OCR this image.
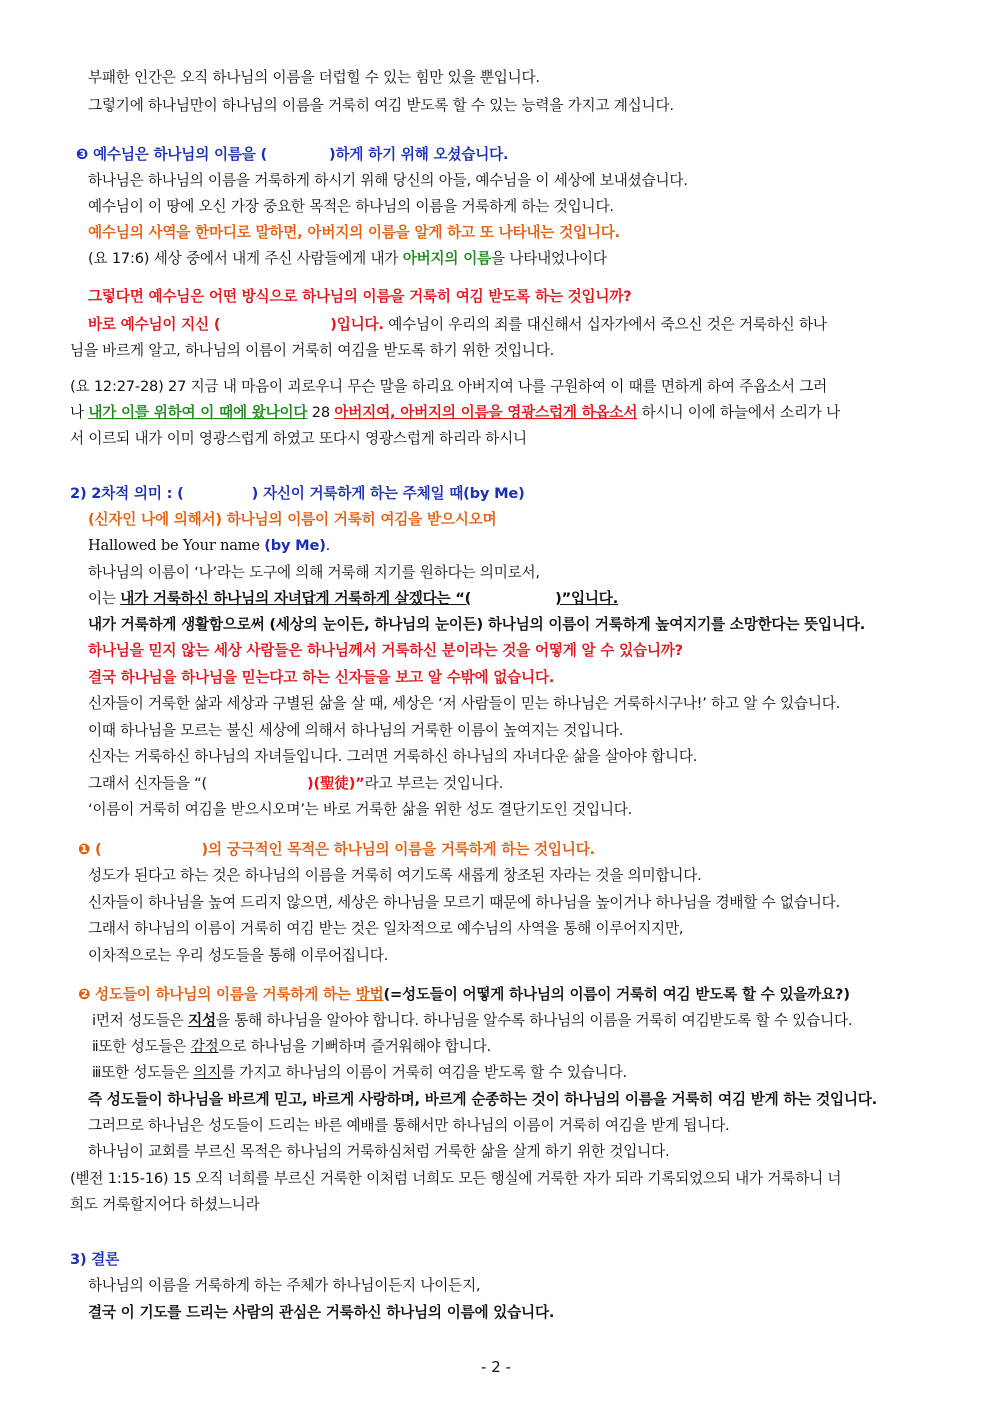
부패한 인간은 오직 하나님의 이름을 더럽힐 수 있는 힘만 있을 뿐입니다.
그렇기에 하나님만이 하나님의 이름을 거룩히 여김 받도록 할 수 있는 능력을 가지고 계십니다.
❸ 예수님은 하나님의 이름을 (	)하게 하기 위해 오셨습니다.
하나님은 하나님의 이름을 거룩하게 하시기 위해 당신의 아들, 예수님을 이 세상에 보내셨습니다.
예수님이 이 땅에 오신 가장 중요한 목적은 하나님의 이름을 거룩하게 하는 것입니다.
예수님의 사역을 한마디로 말하면, 아버지의 이름을 알게 하고 또 나타내는 것입니다.
(요 17:6) 세상 중에서 내게 주신 사람들에게 내가 아버지의 이름을 나타내었나이다
그렇다면 예수님은 어떤 방식으로 하나님의 이름을 거룩히 여김 받도록 하는 것입니까?
바로 예수님이 지신 (	)입니다. 예수님이 우리의 죄를 대신해서 십자가에서 죽으신 것은 거룩하신 하나
님을 바르게 알고, 하나님의 이름이 거룩히 여김을 받도록 하기 위한 것입니다.
(요 12:27-28) 27 지금 내 마음이 괴로우니 무슨 말을 하리요 아버지여 나를 구원하여 이 때를 면하게 하여 주옵소서 그러
나 내가 이를 위하여 이 때에 왔나이다 28 아버지여, 아버지의 이름을 영광스럽게 하옵소서 하시니 이에 하늘에서 소리가 나
서 이르되 내가 이미 영광스럽게 하였고 또다시 영광스럽게 하리라 하시니
2) 2차적 의미 : (	) 자신이 거룩하게 하는 주체일 때(by Me)
(신자인 나에 의해서) 하나님의 이름이 거룩히 여김을 받으시오며
Hallowed be Your name (by Me).
하나님의 이름이 ‘나’라는 도구에 의해 거룩해 지기를 원하다는 의미로서,
이는 내가 거룩하신 하나님의 자녀답게 거룩하게 살겠다는 “(	)”입니다.
내가 거룩하게 생활함으로써 (세상의 눈이든, 하나님의 눈이든) 하나님의 이름이 거룩하게 높여지기를 소망한다는 뜻입니다.
하나님을 믿지 않는 세상 사람들은 하나님께서 거룩하신 분이라는 것을 어떻게 알 수 있습니까?
결국 하나님을 하나님을 믿는다고 하는 신자들을 보고 알 수밖에 없습니다.
신자들이 거룩한 삶과 세상과 구별된 삶을 살 때, 세상은 ‘저 사람들이 믿는 하나님은 거룩하시구나!’ 하고 알 수 있습니다.
이때 하나님을 모르는 불신 세상에 의해서 하나님의 거룩한 이름이 높여지는 것입니다.
신자는 거룩하신 하나님의 자녀들입니다. 그러면 거룩하신 하나님의 자녀다운 삶을 살아야 합니다.
그래서 신자들을 “(	)(聖徒)”라고 부르는 것입니다.
‘이름이 거룩히 여김을 받으시오며’는 바로 거룩한 삶을 위한 성도 결단기도인 것입니다.
❶ (	)의 궁극적인 목적은 하나님의 이름을 거룩하게 하는 것입니다.
성도가 된다고 하는 것은 하나님의 이름을 거룩히 여기도록 새롭게 창조된 자라는 것을 의미합니다.
신자들이 하나님을 높여 드리지 않으면, 세상은 하나님을 모르기 때문에 하나님을 높이거나 하나님을 경배할 수 없습니다.
그래서 하나님의 이름이 거룩히 여김 받는 것은 일차적으로 예수님의 사역을 통해 이루어지지만,
이차적으로는 우리 성도들을 통해 이루어집니다.
❷ 성도들이 하나님의 이름을 거룩하게 하는 방법(=성도들이 어떻게 하나님의 이름이 거룩히 여김 받도록 할 수 있을까요?)
ⅰ먼저 성도들은 지성을 통해 하나님을 알아야 합니다. 하나님을 알수록 하나님의 이름을 거룩히 여김받도록 할 수 있습니다.
ⅱ또한 성도들은 감정으로 하나님을 기뻐하며 즐거워해야 합니다.
ⅲ또한 성도들은 의지를 가지고 하나님의 이름이 거룩히 여김을 받도록 할 수 있습니다.
즉 성도들이 하나님을 바르게 믿고, 바르게 사랑하며, 바르게 순종하는 것이 하나님의 이름을 거룩히 여김 받게 하는 것입니다.
그러므로 하나님은 성도들이 드리는 바른 예배를 통해서만 하나님의 이름이 거룩히 여김을 받게 됩니다.
하나님이 교회를 부르신 목적은 하나님의 거룩하심처럼 거룩한 삶을 살게 하기 위한 것입니다.
(벧전 1:15-16) 15 오직 너희를 부르신 거룩한 이처럼 너희도 모든 행실에 거룩한 자가 되라 기록되었으되 내가 거룩하니 너
희도 거룩할지어다 하셨느니라
3) 결론
하나님의 이름을 거룩하게 하는 주체가 하나님이든지 나이든지,
결국 이 기도를 드리는 사람의 관심은 거룩하신 하나님의 이름에 있습니다.
- 2 -
